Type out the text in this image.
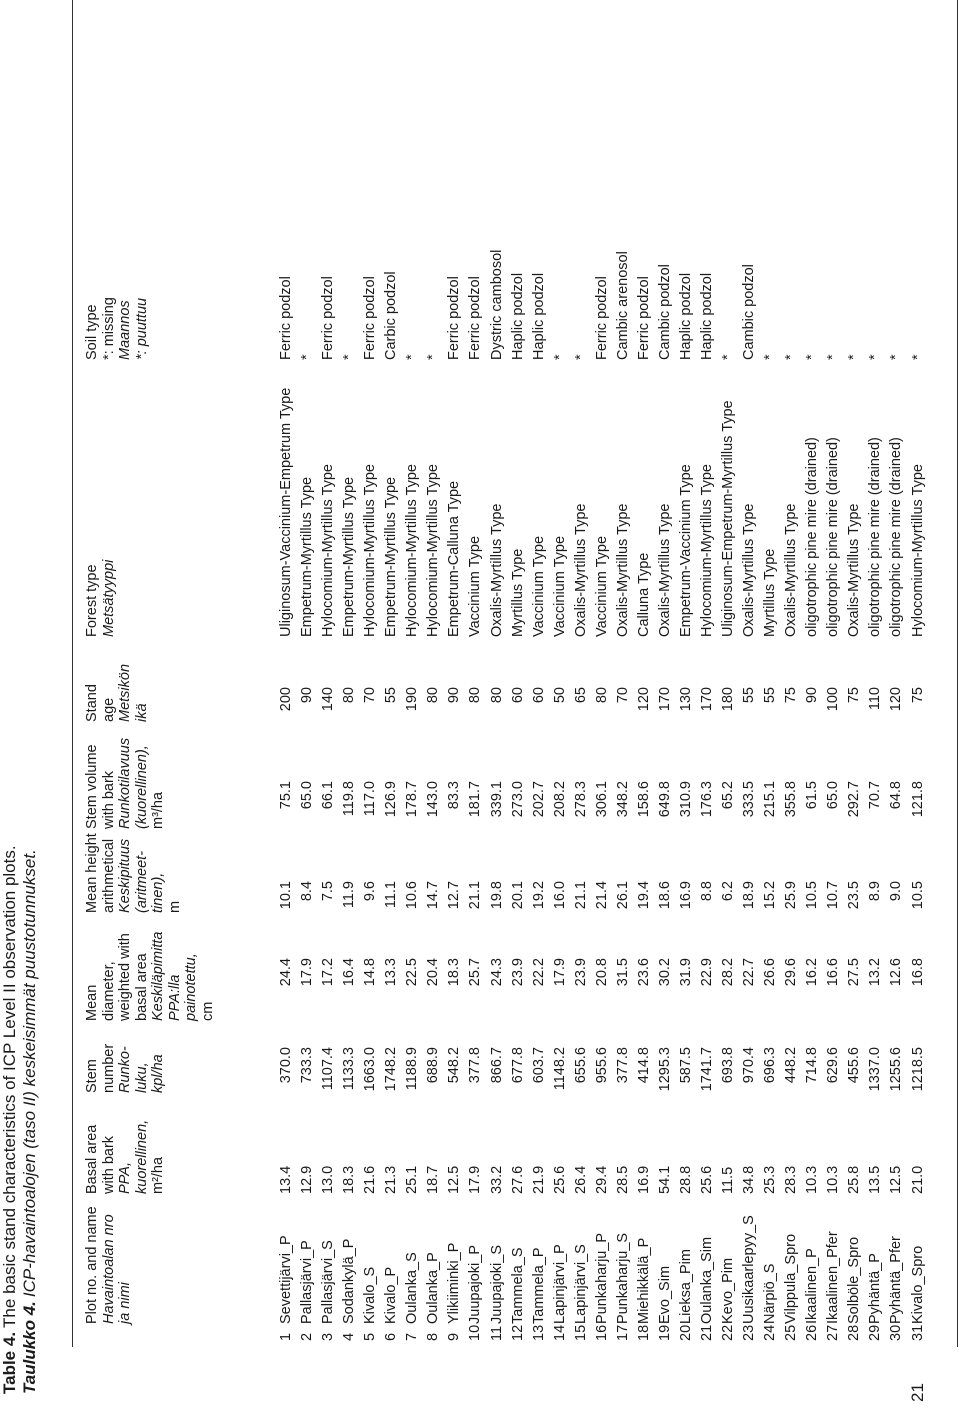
Table 4.The basic stand characteristics of ICP Level II observation plots.
Taulukko 4.ICP-havaintoalojen (taso II) keskeisimmät puustotunnukset.	Plot no. and name Havaintoalan nro ja nimi
Basal area with bark PPA, kuorellinen, m²/ha
Stem number Runko- luku, kpl/ha
Mean diameter, weighted with basal area Keskiläpimitta PPA:lla painotettu, cm
Mean height arithmetical Keskipituus (aritmeet- tinen), m
Stem volume with bark Runkotilavuus (kuorellinen), m³/ha
Stand age Metsikön ikä
Forest type Metsätyyppi
Soil type *: missing Maannos *: puuttuu
1
Sevettijärvi_P
13.4
370.0
24.4
10.1
75.1
200
Uliginosum-Vaccinium-Empetrum Type
Ferric podzol
2
Pallasjärvi_P
12.9
733.3
17.9
8.4
65.0
90
Empetrum-Myrtillus Type
*
3
Pallasjärvi_S
13.0
1107.4
17.2
7.5
66.1
140
Hylocomium-Myrtillus Type
Ferric podzol
4
Sodankylä_P
18.3
1133.3
16.4
11.9
119.8
80
Empetrum-Myrtillus Type
*
5
Kivalo_S
21.6
1663.0
14.8
9.6
117.0
70
Hylocomium-Myrtillus Type
Ferric podzol
6
Kivalo_P
21.3
1748.2
13.3
11.1
126.9
55
Empetrum-Myrtillus Type
Carbic podzol
7
Oulanka_S
25.1
1188.9
22.5
10.6
178.7
190
Hylocomium-Myrtillus Type
*
8
Oulanka_P
18.7
688.9
20.4
14.7
143.0
80
Hylocomium-Myrtillus Type
*
9
Ylikiiminki_P
12.5
548.2
18.3
12.7
83.3
90
Empetrum-Calluna Type
Ferric podzol
10
Juupajoki_P
17.9
377.8
25.7
21.1
181.7
80
Vaccinium Type
Ferric podzol
11
Juupajoki_S
33.2
866.7
24.3
19.8
339.1
80
Oxalis-Myrtillus Type
Dystric cambosol
12
Tammela_S
27.6
677.8
23.9
20.1
273.0
60
Myrtillus Type
Haplic podzol
13
Tammela_P
21.9
603.7
22.2
19.2
202.7
60
Vaccinium Type
Haplic podzol
14
Lapinjärvi_P
25.6
1148.2
17.9
16.0
208.2
50
Vaccinium Type
*
15
Lapinjärvi_S
26.4
655.6
23.9
21.1
278.3
65
Oxalis-Myrtillus Type
*
16
Punkaharju_P
29.4
955.6
20.8
21.4
306.1
80
Vaccinium Type
Ferric podzol
17
Punkaharju_S
28.5
377.8
31.5
26.1
348.2
70
Oxalis-Myrtillus Type
Cambic arenosol
18
Miehikkälä_P
16.9
414.8
23.6
19.4
158.6
120
Calluna Type
Ferric podzol
19
Evo_Sim
54.1
1295.3
30.2
18.6
649.8
170
Oxalis-Myrtillus Type
Cambic podzol
20
Lieksa_Pim
28.8
587.5
31.9
16.9
310.9
130
Empetrum-Vaccinium Type
Haplic podzol
21
Oulanka_Sim
25.6
1741.7
22.9
8.8
176.3
170
Hylocomium-Myrtillus Type
Haplic podzol
22
Kevo_Pim
11.5
693.8
28.2
6.2
65.2
180
Uliginosum-Empetrum-Myrtillus Type
*
23
Uusikaarlepyy_S
34.8
970.4
22.7
18.9
333.5
55
Oxalis-Myrtillus Type
Cambic podzol
24
Närpiö_S
25.3
696.3
26.6
15.2
215.1
55
Myrtillus Type
*
25
Vilppula_Spro
28.3
448.2
29.6
25.9
355.8
75
Oxalis-Myrtillus Type
*
26
Ikaalinen_P
10.3
714.8
16.2
10.5
61.5
90
oligotrophic pine mire (drained)
*
27
Ikaalinen_Pfer
10.3
629.6
16.6
10.7
65.0
100
oligotrophic pine mire (drained)
*
28
Solböle_Spro
25.8
455.6
27.5
23.5
292.7
75
Oxalis-Myrtillus Type
*
29
Pyhäntä_P
13.5
1337.0
13.2
8.9
70.7
110
oligotrophic pine mire (drained)
*
30
Pyhäntä_Pfer
12.5
1255.6
12.6
9.0
64.8
120
oligotrophic pine mire (drained)
*
31
Kivalo_Spro
21.0
1218.5
16.8
10.5
121.8
75
Hylocomium-Myrtillus Type
*
21
